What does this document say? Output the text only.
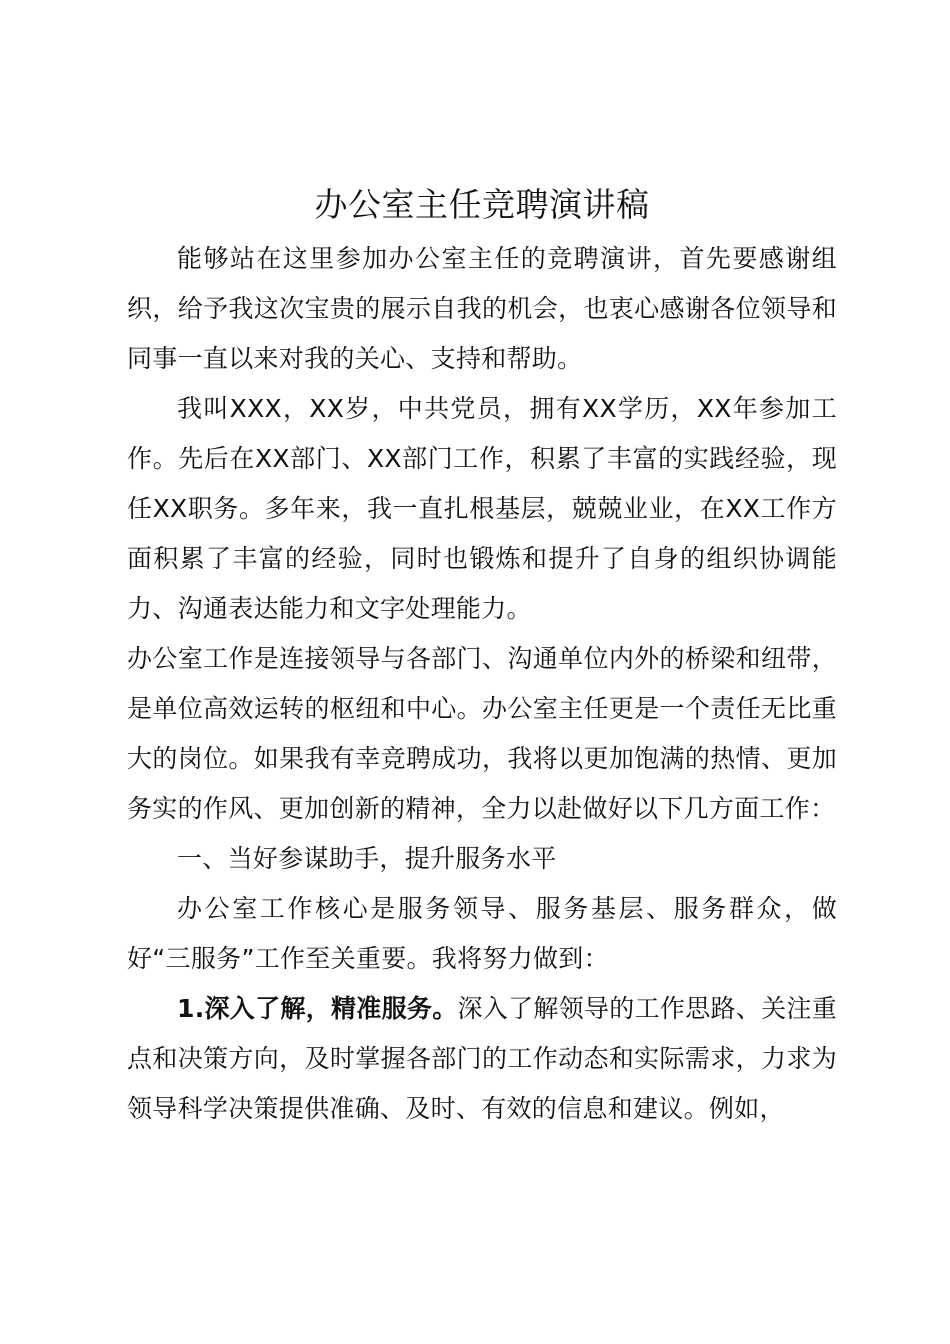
办公室主任竞聘演讲稿

能够站在这里参加办公室主任的竞聘演讲，首先要感谢组织，给予我这次宝贵的展示自我的机会，也衷心感谢各位领导和同事一直以来对我的关心、支持和帮助。

我叫XXX，XX岁，中共党员，拥有XX学历，XX年参加工作。先后在XX部门、XX部门工作，积累了丰富的实践经验，现任XX职务。多年来，我一直扎根基层，兢兢业业，在XX工作方面积累了丰富的经验，同时也锻炼和提升了自身的组织协调能力、沟通表达能力和文字处理能力。

办公室工作是连接领导与各部门、沟通单位内外的桥梁和纽带，是单位高效运转的枢纽和中心。办公室主任更是一个责任无比重大的岗位。如果我有幸竞聘成功，我将以更加饱满的热情、更加务实的作风、更加创新的精神，全力以赴做好以下几方面工作：

一、当好参谋助手，提升服务水平

办公室工作核心是服务领导、服务基层、服务群众，做好“三服务”工作至关重要。我将努力做到：

1.深入了解，精准服务。深入了解领导的工作思路、关注重点和决策方向，及时掌握各部门的工作动态和实际需求，力求为领导科学决策提供准确、及时、有效的信息和建议。例如，
